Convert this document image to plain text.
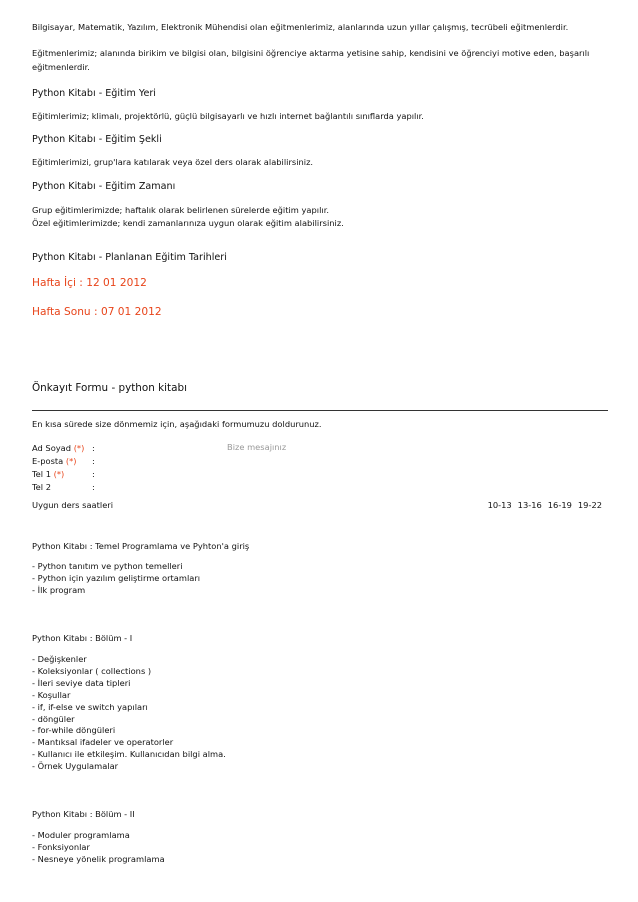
Bilgisayar, Matematik, Yazılım, Elektronik Mühendisi olan eğitmenlerimiz, alanlarında uzun yıllar çalışmış, tecrübeli eğitmenlerdir.
Eğitmenlerimiz; alanında birikim ve bilgisi olan, bilgisini öğrenciye aktarma yetisine sahip, kendisini ve öğrenciyi motive eden, başarılı
eğitmenlerdir.
Python Kitabı - Eğitim Yeri
Eğitimlerimiz; klimalı, projektörlü, güçlü bilgisayarlı ve hızlı internet bağlantılı sınıflarda yapılır.
Python Kitabı - Eğitim Şekli
Eğitimlerimizi, grup'lara katılarak veya özel ders olarak alabilirsiniz.
Python Kitabı - Eğitim Zamanı
Grup eğitimlerimizde; haftalık olarak belirlenen sürelerde eğitim yapılır.
Özel eğitimlerimizde; kendi zamanlarınıza uygun olarak eğitim alabilirsiniz.
Python Kitabı - Planlanan Eğitim Tarihleri
Hafta İçi : 12 01 2012
Hafta Sonu : 07 01 2012
Önkayıt Formu - python kitabı
En kısa sürede size dönmemiz için, aşağıdaki formumuzu doldurunuz.
Ad Soyad (*) :	Bize mesajınız
E-posta (*) :
Tel 1 (*)	:
Tel 2	:
Uygun ders saatleri	10-13 13-16 16-19 19-22
Python Kitabı : Temel Programlama ve Pyhton'a giriş
- Python tanıtım ve python temelleri
- Python için yazılım geliştirme ortamları
- İlk program
Python Kitabı : Bölüm - I
- Değişkenler
- Koleksiyonlar ( collections )
- İleri seviye data tipleri
- Koşullar
- if, if-else ve switch yapıları
- döngüler
- for-while döngüleri
- Mantıksal ifadeler ve operatorler
- Kullanıcı ile etkileşim. Kullanıcıdan bilgi alma.
- Örnek Uygulamalar
Python Kitabı : Bölüm - II
- Moduler programlama
- Fonksiyonlar
- Nesneye yönelik programlama
